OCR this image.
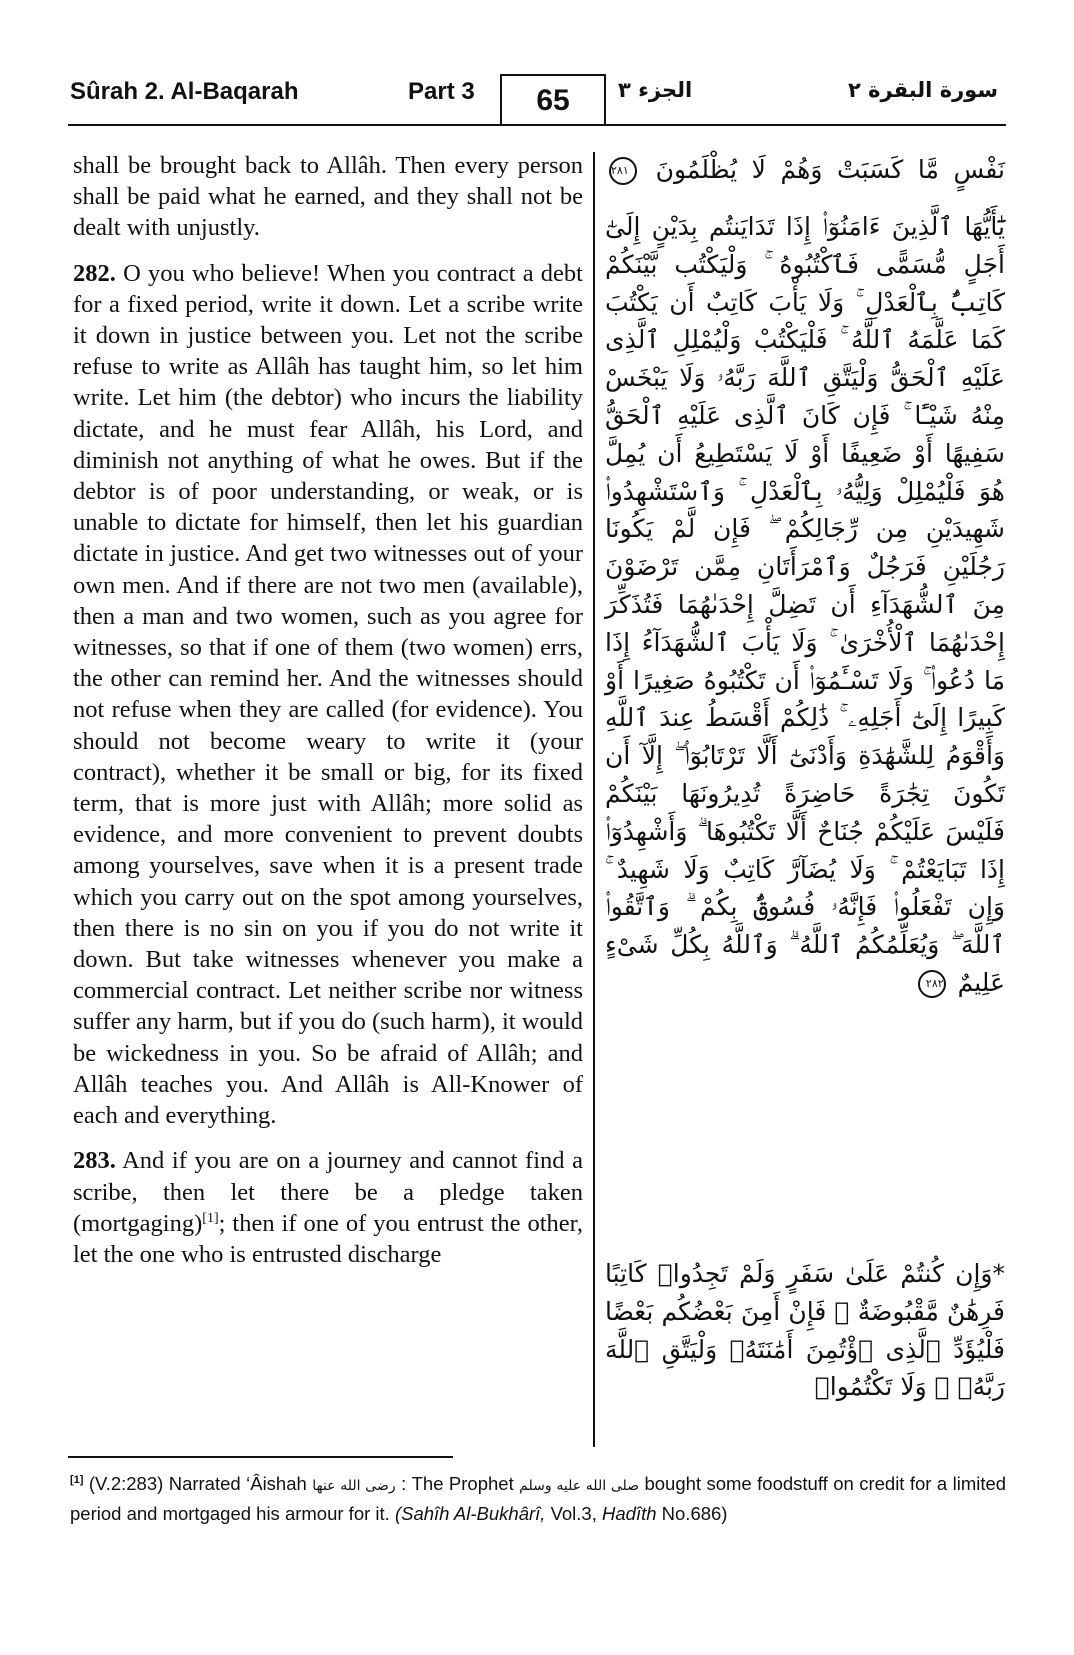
Sûrah 2. Al-Baqarah	Part 3	65	الجزء ٣	سورة البقرة ٢

shall be brought back to Allâh. Then every person shall be paid what he earned, and they shall not be dealt with unjustly.

282. O you who believe! When you contract a debt for a fixed period, write it down. Let a scribe write it down in justice between you. Let not the scribe refuse to write as Allâh has taught him, so let him write. Let him (the debtor) who incurs the liability dictate, and he must fear Allâh, his Lord, and diminish not anything of what he owes. But if the debtor is of poor understanding, or weak, or is unable to dictate for himself, then let his guardian dictate in justice. And get two witnesses out of your own men. And if there are not two men (available), then a man and two women, such as you agree for witnesses, so that if one of them (two women) errs, the other can remind her. And the witnesses should not refuse when they are called (for evidence). You should not become weary to write it (your contract), whether it be small or big, for its fixed term, that is more just with Allâh; more solid as evidence, and more convenient to prevent doubts among yourselves, save when it is a present trade which you carry out on the spot among yourselves, then there is no sin on you if you do not write it down. But take witnesses whenever you make a commercial contract. Let neither scribe nor witness suffer any harm, but if you do (such harm), it would be wickedness in you. So be afraid of Allâh; and Allâh teaches you. And Allâh is All-Knower of each and everything.

283. And if you are on a journey and cannot find a scribe, then let there be a pledge taken (mortgaging)[1]; then if one of you entrust the other, let the one who is entrusted discharge

نَفْسٍ مَّا كَسَبَتْ وَهُمْ لَا يُظْلَمُونَ ٢٨١
يَٰٓأَيُّهَا ٱلَّذِينَ ءَامَنُوٓا۟ إِذَا تَدَايَنتُم بِدَيْنٍ إِلَىٰٓ أَجَلٍ مُّسَمًّى فَٱكْتُبُوهُ ۚ وَلْيَكْتُب بَّيْنَكُمْ كَاتِبٌۢ بِٱلْعَدْلِ ۚ وَلَا يَأْبَ كَاتِبٌ أَن يَكْتُبَ كَمَا عَلَّمَهُ ٱللَّهُ ۚ فَلْيَكْتُبْ وَلْيُمْلِلِ ٱلَّذِى عَلَيْهِ ٱلْحَقُّ وَلْيَتَّقِ ٱللَّهَ رَبَّهُۥ وَلَا يَبْخَسْ مِنْهُ شَيْـًٔا ۚ فَإِن كَانَ ٱلَّذِى عَلَيْهِ ٱلْحَقُّ سَفِيهًا أَوْ ضَعِيفًا أَوْ لَا يَسْتَطِيعُ أَن يُمِلَّ هُوَ فَلْيُمْلِلْ وَلِيُّهُۥ بِٱلْعَدْلِ ۚ وَٱسْتَشْهِدُوا۟ شَهِيدَيْنِ مِن رِّجَالِكُمْ ۖ فَإِن لَّمْ يَكُونَا رَجُلَيْنِ فَرَجُلٌ وَٱمْرَأَتَانِ مِمَّن تَرْضَوْنَ مِنَ ٱلشُّهَدَآءِ أَن تَضِلَّ إِحْدَىٰهُمَا فَتُذَكِّرَ إِحْدَىٰهُمَا ٱلْأُخْرَىٰ ۚ وَلَا يَأْبَ ٱلشُّهَدَآءُ إِذَا مَا دُعُوا۟ ۚ وَلَا تَسْـَٔمُوٓا۟ أَن تَكْتُبُوهُ صَغِيرًا أَوْ كَبِيرًا إِلَىٰٓ أَجَلِهِۦ ۚ ذَٰلِكُمْ أَقْسَطُ عِندَ ٱللَّهِ وَأَقْوَمُ لِلشَّهَٰدَةِ وَأَدْنَىٰٓ أَلَّا تَرْتَابُوٓا۟ ۖ إِلَّآ أَن تَكُونَ تِجَٰرَةً حَاضِرَةً تُدِيرُونَهَا بَيْنَكُمْ فَلَيْسَ عَلَيْكُمْ جُنَاحٌ أَلَّا تَكْتُبُوهَا ۗ وَأَشْهِدُوٓا۟ إِذَا تَبَايَعْتُمْ ۚ وَلَا يُضَآرَّ كَاتِبٌ وَلَا شَهِيدٌ ۚ وَإِن تَفْعَلُوا۟ فَإِنَّهُۥ فُسُوقٌۢ بِكُمْ ۗ وَٱتَّقُوا۟ ٱللَّهَ ۖ وَيُعَلِّمُكُمُ ٱللَّهُ ۗ وَٱللَّهُ بِكُلِّ شَىْءٍ عَلِيمٌ ٢٨٢
*وَإِن كُنتُمْ عَلَىٰ سَفَرٍ وَلَمْ تَجِدُوا۟ كَاتِبًا فَرِهَٰنٌ مَّقْبُوضَةٌ ۖ فَإِنْ أَمِنَ بَعْضُكُم بَعْضًا فَلْيُؤَدِّ ٱلَّذِى ٱؤْتُمِنَ أَمَٰنَتَهُۥ وَلْيَتَّقِ ٱللَّهَ رَبَّهُۥ ۗ وَلَا تَكْتُمُوا۟
[1] (V.2:283) Narrated ‘Âishah رضى الله عنها : The Prophet صلى الله عليه وسلم bought some foodstuff on credit for a limited period and mortgaged his armour for it. (Sahîh Al-Bukhârî, Vol.3, Hadîth No.686)
